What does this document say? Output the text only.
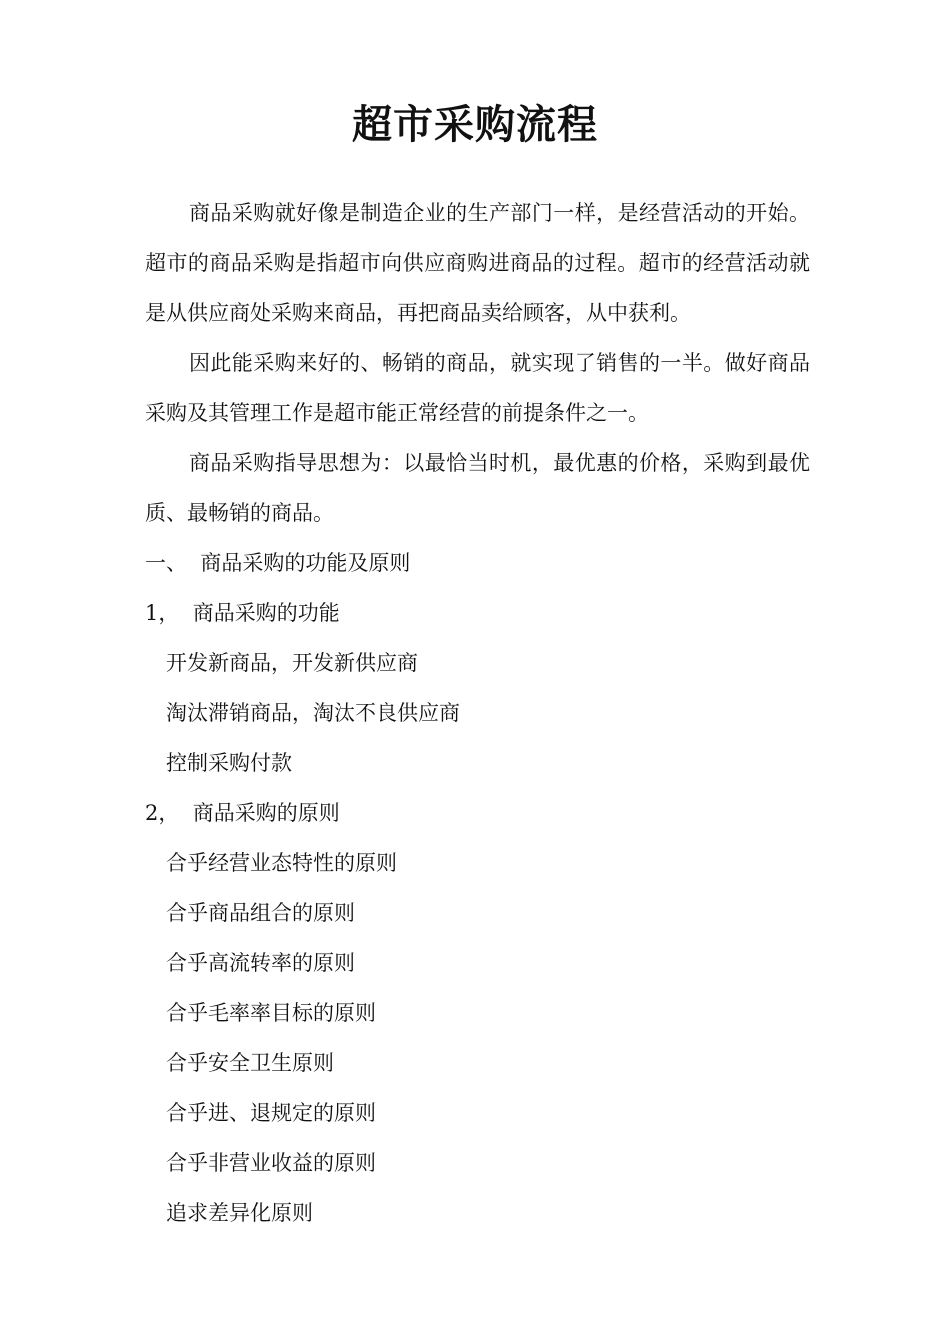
超市采购流程

商品采购就好像是制造企业的生产部门一样，是经营活动的开始。超市的商品采购是指超市向供应商购进商品的过程。超市的经营活动就是从供应商处采购来商品，再把商品卖给顾客，从中获利。

因此能采购来好的、畅销的商品，就实现了销售的一半。做好商品采购及其管理工作是超市能正常经营的前提条件之一。

商品采购指导思想为：以最恰当时机，最优惠的价格，采购到最优质、最畅销的商品。

一、  商品采购的功能及原则

1，  商品采购的功能

开发新商品，开发新供应商

淘汰滞销商品，淘汰不良供应商

控制采购付款

2，  商品采购的原则

合乎经营业态特性的原则

合乎商品组合的原则

合乎高流转率的原则

合乎毛率率目标的原则

合乎安全卫生原则

合乎进、退规定的原则

合乎非营业收益的原则

追求差异化原则
